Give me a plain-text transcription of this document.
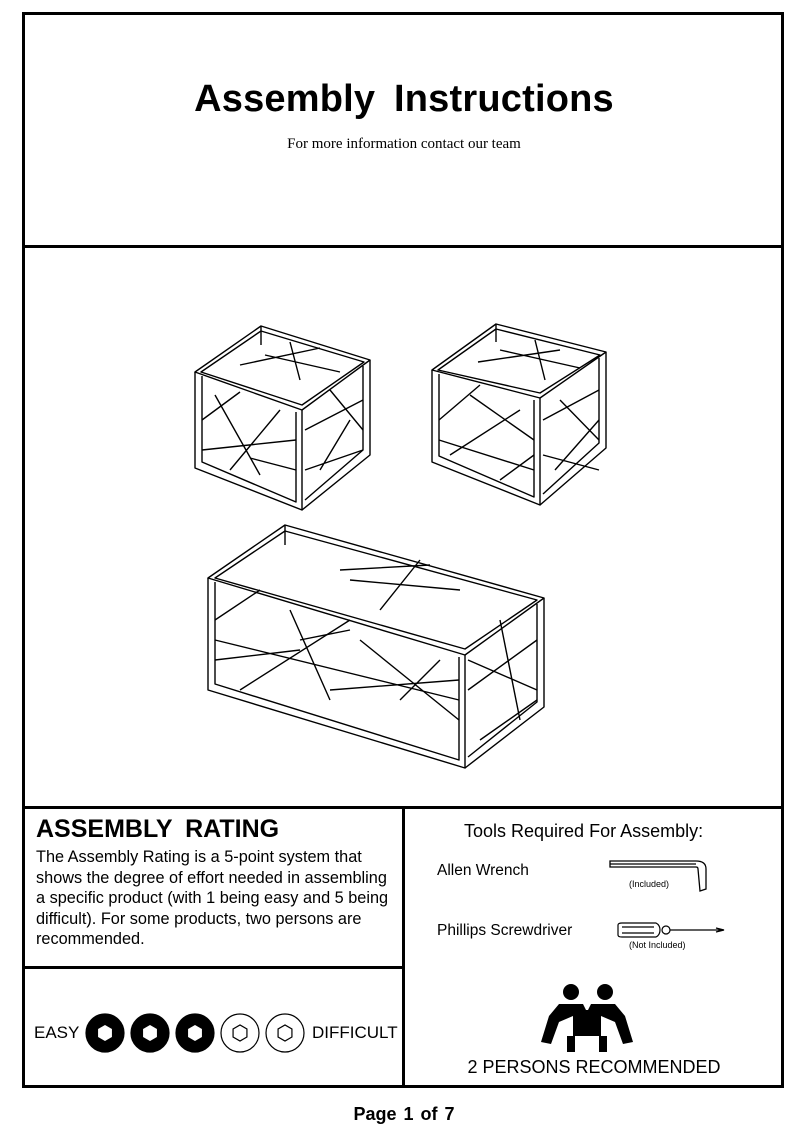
Assembly Instructions
For more information contact our team
ASSEMBLY RATING

The Assembly Rating is a 5-point system that shows the degree of effort needed in assembling a specific product (with 1 being easy and 5 being difficult). For some products, two persons are recommended.

EASY	DIFFICULT
Tools Required For Assembly:
Allen Wrench
(Included)
Phillips Screwdriver
(Not Included)
2 PERSONS RECOMMENDED
Page 1 of 7
